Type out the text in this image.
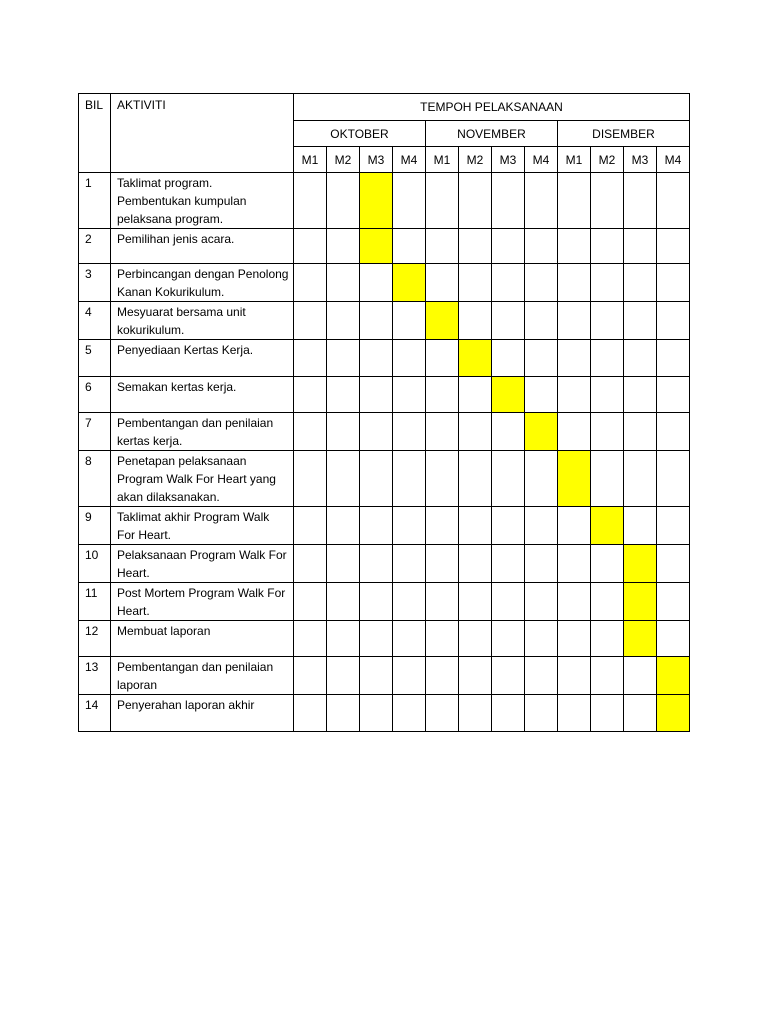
BIL	AKTIVITI	TEMPOH PELAKSANAAN											
		OKTOBER				NOVEMBER				DISEMBER			
		M1	M2	M3	M4	M1	M2	M3	M4	M1	M2	M3	M4
1	Taklimat program. Pembentukan kumpulan pelaksana program.												
2	Pemilihan jenis acara.												
3	Perbincangan dengan Penolong Kanan Kokurikulum.												
4	Mesyuarat bersama unit kokurikulum.												
5	Penyediaan Kertas Kerja.												
6	Semakan kertas kerja.												
7	Pembentangan dan penilaian kertas kerja.												
8	Penetapan pelaksanaan Program Walk For Heart yang akan dilaksanakan.												
9	Taklimat akhir Program Walk For Heart.												
10	Pelaksanaan Program Walk For Heart.												
11	Post Mortem Program Walk For Heart.												
12	Membuat laporan												
13	Pembentangan dan penilaian laporan												
14	Penyerahan laporan akhir												
